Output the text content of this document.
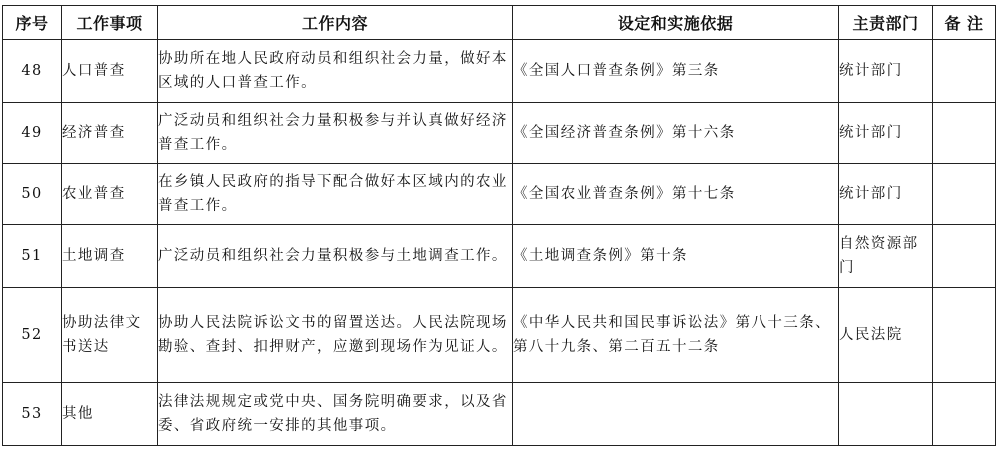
序号	工作事项	工作内容	设定和实施依据	主责部门	备 注
48	人口普查	协助所在地人民政府动员和组织社会力量，做好本区域的人口普查工作。	《全国人口普查条例》第三条	统计部门	
49	经济普查	广泛动员和组织社会力量积极参与并认真做好经济普查工作。	《全国经济普查条例》第十六条	统计部门	
50	农业普查	在乡镇人民政府的指导下配合做好本区域内的农业普查工作。	《全国农业普查条例》第十七条	统计部门	
51	土地调查	广泛动员和组织社会力量积极参与土地调查工作。	《土地调查条例》第十条	自然资源部门	
52	协助法律文书送达	协助人民法院诉讼文书的留置送达。人民法院现场勘验、查封、扣押财产，应邀到现场作为见证人。	《中华人民共和国民事诉讼法》第八十三条、第八十九条、第二百五十二条	人民法院	
53	其他	法律法规规定或党中央、国务院明确要求，以及省委、省政府统一安排的其他事项。			
